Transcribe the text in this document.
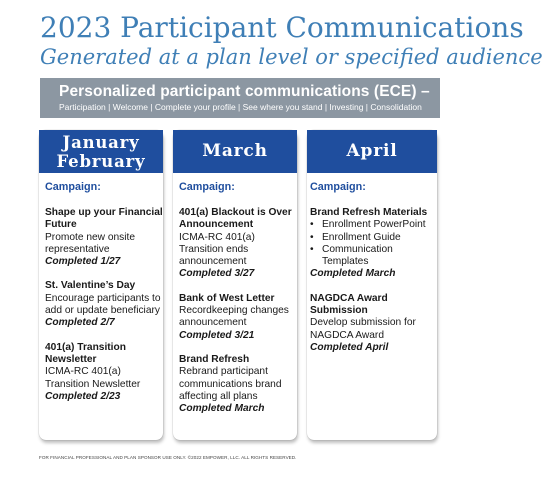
2023 Participant Communications
Generated at a plan level or specified audience
Personalized participant communications (ECE) –
Participation | Welcome | Complete your profile | See where you stand | Investing | Consolidation
January
February
Campaign:
Shape up your Financial Future
Promote new onsite representative
Completed 1/27
St. Valentine’s Day
Encourage participants to add or update beneficiary
Completed 2/7
401(a) Transition Newsletter
ICMA-RC 401(a) Transition Newsletter
Completed 2/23
March
Campaign:
401(a) Blackout is Over Announcement
ICMA-RC 401(a) Transition ends announcement
Completed 3/27
Bank of West Letter
Recordkeeping changes announcement
Completed 3/21
Brand Refresh
Rebrand participant communications brand affecting all plans
Completed March
April
Campaign:
Brand Refresh Materials
• Enrollment PowerPoint
• Enrollment Guide
• Communication Templates
Completed March
NAGDCA Award Submission
Develop submission for NAGDCA Award
Completed April
FOR FINANCIAL PROFESSIONAL AND PLAN SPONSOR USE ONLY. ©2022 EMPOWER, LLC. ALL RIGHTS RESERVED.
